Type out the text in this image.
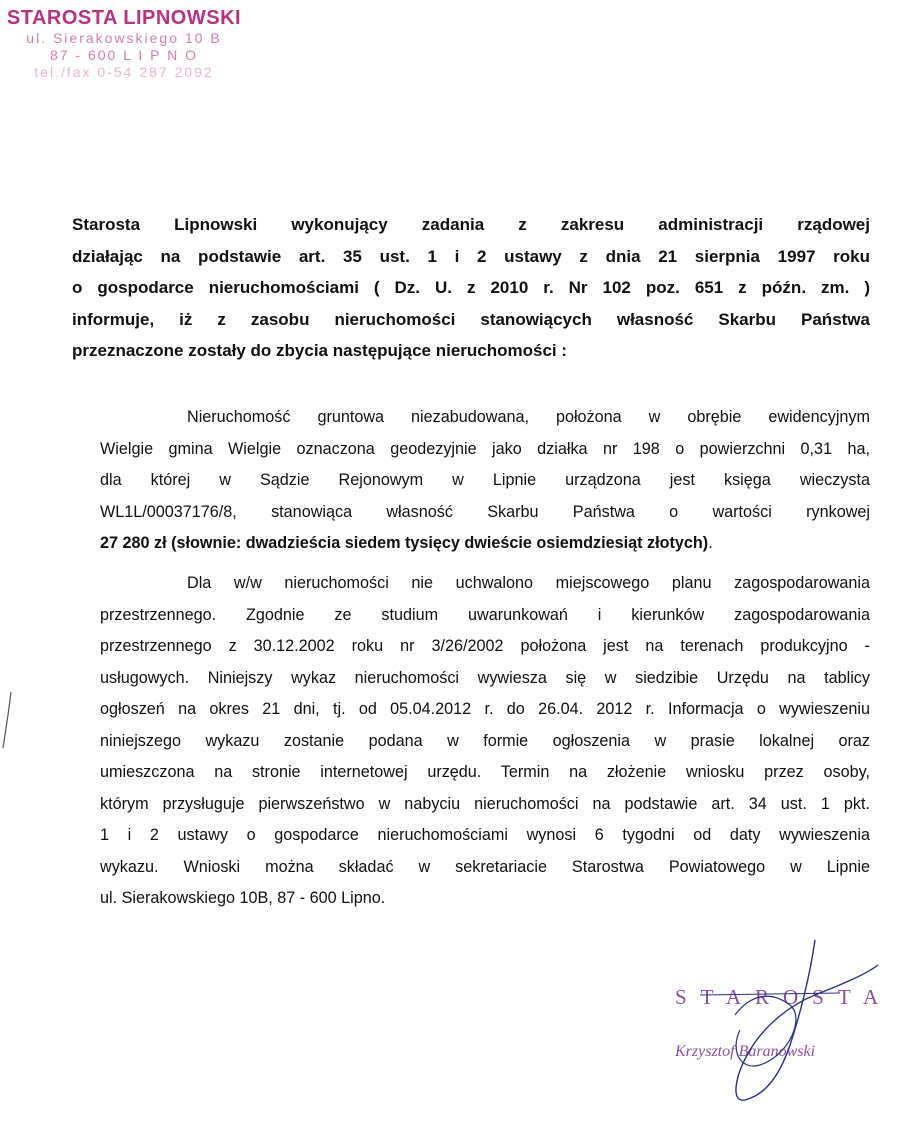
STAROSTA LIPNOWSKI
ul. Sierakowskiego 10 B
87 - 600 L I P N O
tel./fax 0-54 287 2092
Starosta Lipnowski wykonujący zadania z zakresu administracji rządowej
działając na podstawie art. 35 ust. 1 i 2 ustawy z dnia 21 sierpnia 1997 roku
o gospodarce nieruchomościami ( Dz. U. z 2010 r. Nr 102 poz. 651 z późn. zm. )
informuje, iż z zasobu nieruchomości stanowiących własność Skarbu Państwa
przeznaczone zostały do zbycia następujące nieruchomości :
Nieruchomość gruntowa niezabudowana, położona w obrębie ewidencyjnym
Wielgie gmina Wielgie oznaczona geodezyjnie jako działka nr 198 o powierzchni 0,31 ha,
dla której w Sądzie Rejonowym w Lipnie urządzona jest księga wieczysta
WL1L/00037176/8, stanowiąca własność Skarbu Państwa o wartości rynkowej
27 280 zł (słownie: dwadzieścia siedem tysięcy dwieście osiemdziesiąt złotych).
Dla w/w nieruchomości nie uchwalono miejscowego planu zagospodarowania
przestrzennego. Zgodnie ze studium uwarunkowań i kierunków zagospodarowania
przestrzennego z 30.12.2002 roku nr 3/26/2002 położona jest na terenach produkcyjno -
usługowych. Niniejszy wykaz nieruchomości wywiesza się w siedzibie Urzędu na tablicy
ogłoszeń na okres 21 dni, tj. od 05.04.2012 r. do 26.04. 2012 r. Informacja o wywieszeniu
niniejszego wykazu zostanie podana w formie ogłoszenia w prasie lokalnej oraz
umieszczona na stronie internetowej urzędu. Termin na złożenie wniosku przez osoby,
którym przysługuje pierwszeństwo w nabyciu nieruchomości na podstawie art. 34 ust. 1 pkt.
1 i 2 ustawy o gospodarce nieruchomościami wynosi 6 tygodni od daty wywieszenia
wykazu. Wnioski można składać w sekretariacie Starostwa Powiatowego w Lipnie
ul. Sierakowskiego 10B, 87 - 600 Lipno.
STAROSTA
Krzysztof Baranowski
